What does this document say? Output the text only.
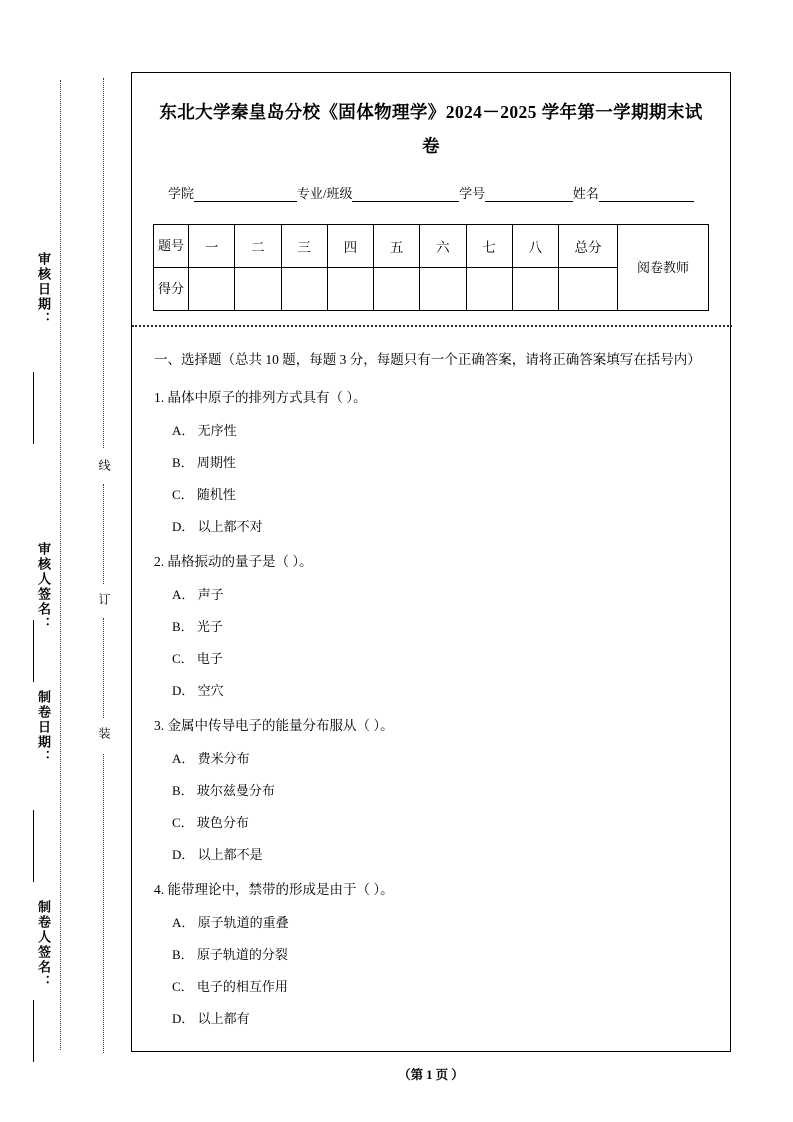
审核日期：
审核人签名：
制卷日期：
制卷人签名：
线
订
装
东北大学秦皇岛分校《固体物理学》2024－2025 学年第一学期期末试卷
学院	专业/班级	学号	姓名
题号	一	二	三	四	五	六	七	八	总分	阅卷教师
得分										
一、选择题（总共 10 题，每题 3 分，每题只有一个正确答案，请将正确答案填写在括号内）
1. 晶体中原子的排列方式具有（ ）。
A． 无序性
B． 周期性
C． 随机性
D． 以上都不对
2. 晶格振动的量子是（ ）。
A． 声子
B． 光子
C． 电子
D． 空穴
3. 金属中传导电子的能量分布服从（ ）。
A． 费米分布
B． 玻尔兹曼分布
C． 玻色分布
D． 以上都不是
4. 能带理论中，禁带的形成是由于（ ）。
A． 原子轨道的重叠
B． 原子轨道的分裂
C． 电子的相互作用
D． 以上都有
（第 1 页 ）
